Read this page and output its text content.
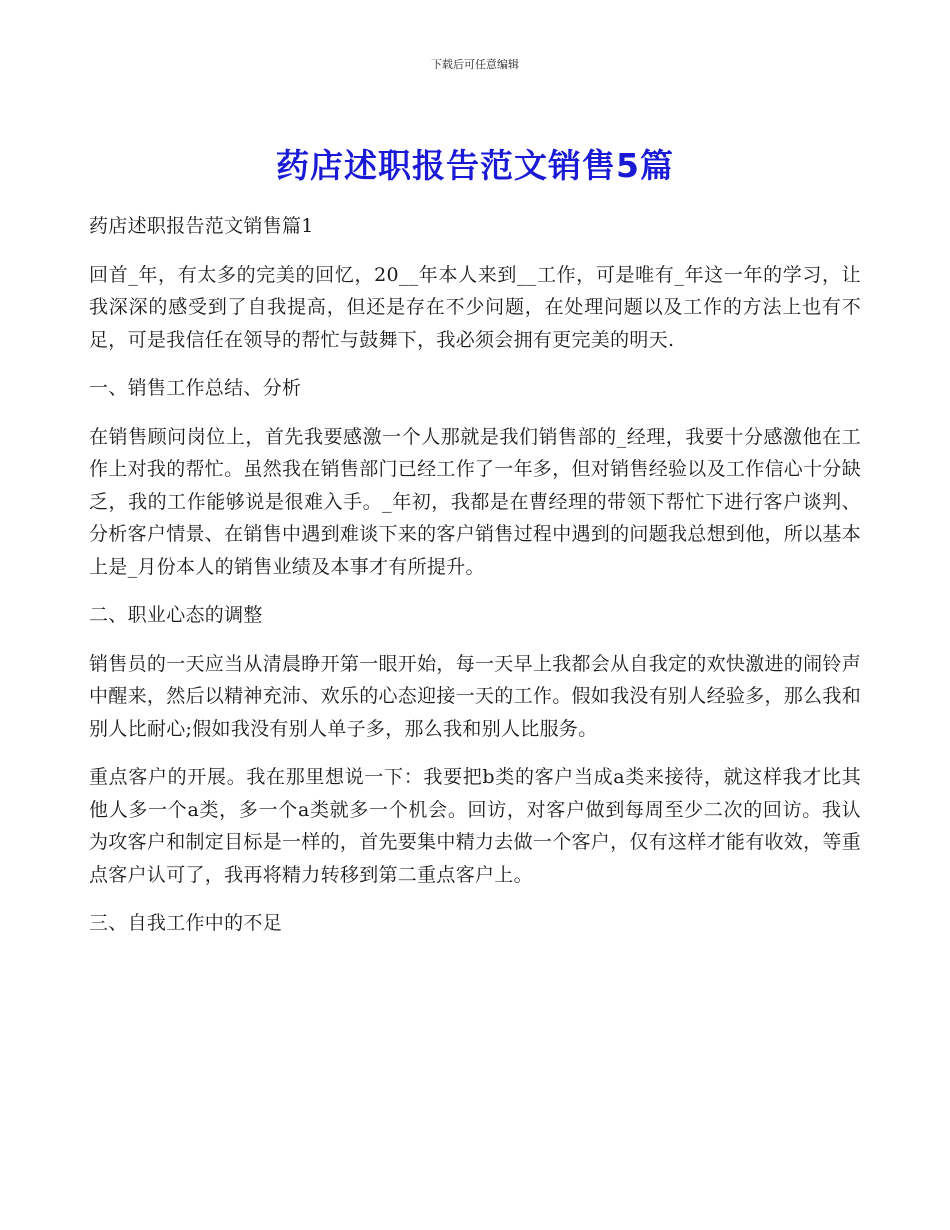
下载后可任意编辑
药店述职报告范文销售5篇

药店述职报告范文销售篇1

回首_年，有太多的完美的回忆，20__年本人来到__工作，可是唯有_年这一年的学习，让我深深的感受到了自我提高，但还是存在不少问题，在处理问题以及工作的方法上也有不足，可是我信任在领导的帮忙与鼓舞下，我必须会拥有更完美的明天.

一、销售工作总结、分析

在销售顾问岗位上，首先我要感激一个人那就是我们销售部的_经理，我要十分感激他在工作上对我的帮忙。虽然我在销售部门已经工作了一年多，但对销售经验以及工作信心十分缺乏，我的工作能够说是很难入手。_年初，我都是在曹经理的带领下帮忙下进行客户谈判、分析客户情景、在销售中遇到难谈下来的客户销售过程中遇到的问题我总想到他，所以基本上是_月份本人的销售业绩及本事才有所提升。

二、职业心态的调整

销售员的一天应当从清晨睁开第一眼开始，每一天早上我都会从自我定的欢快激进的闹铃声中醒来，然后以精神充沛、欢乐的心态迎接一天的工作。假如我没有别人经验多，那么我和别人比耐心;假如我没有别人单子多，那么我和别人比服务。

重点客户的开展。我在那里想说一下：我要把b类的客户当成a类来接待，就这样我才比其他人多一个a类，多一个a类就多一个机会。回访，对客户做到每周至少二次的回访。我认为攻客户和制定目标是一样的，首先要集中精力去做一个客户，仅有这样才能有收效，等重点客户认可了，我再将精力转移到第二重点客户上。

三、自我工作中的不足
